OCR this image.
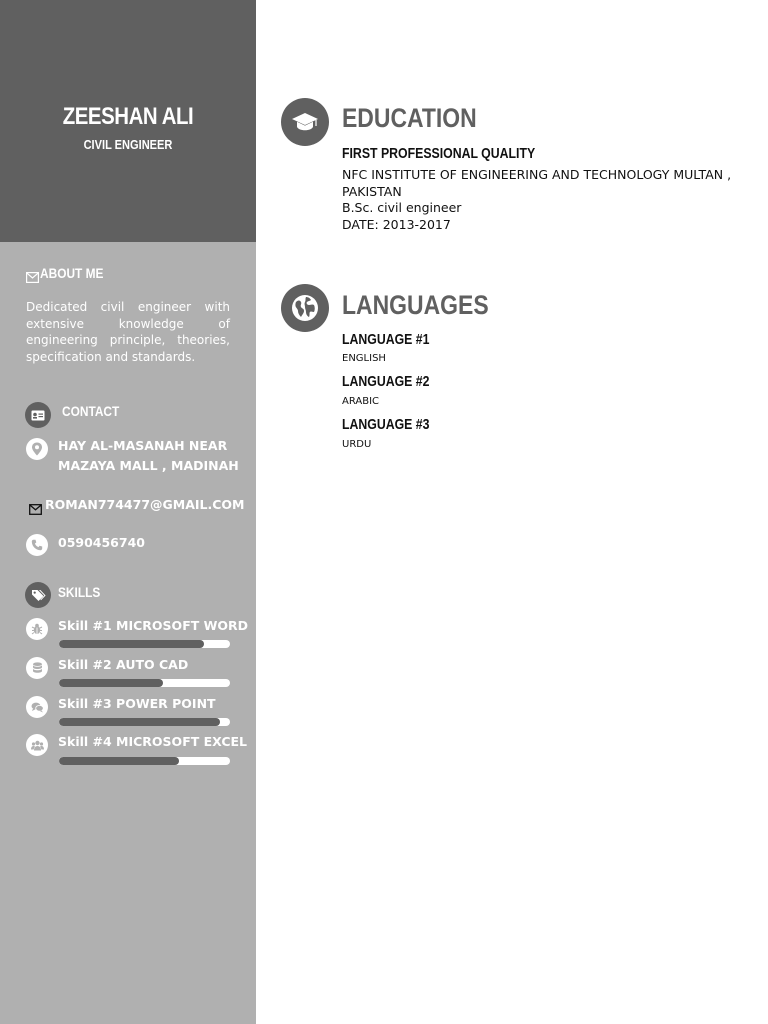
ZEESHAN ALI
CIVIL ENGINEER
ABOUT ME
Dedicated civil engineer with extensive knowledge of engineering principle, theories, specification and standards.
CONTACT
HAY AL-MASANAH NEAR
MAZAYA MALL , MADINAH
ROMAN774477@GMAIL.COM
0590456740
SKILLS
Skill #1 MICROSOFT WORD
Skill #2 AUTO CAD
Skill #3 POWER POINT
Skill #4 MICROSOFT EXCEL
EDUCATION
FIRST PROFESSIONAL QUALITY
NFC INSTITUTE OF ENGINEERING AND TECHNOLOGY MULTAN , PAKISTAN
B.Sc. civil engineer
DATE: 2013-2017
LANGUAGES
LANGUAGE #1
ENGLISH
LANGUAGE #2
ARABIC
LANGUAGE #3
URDU
